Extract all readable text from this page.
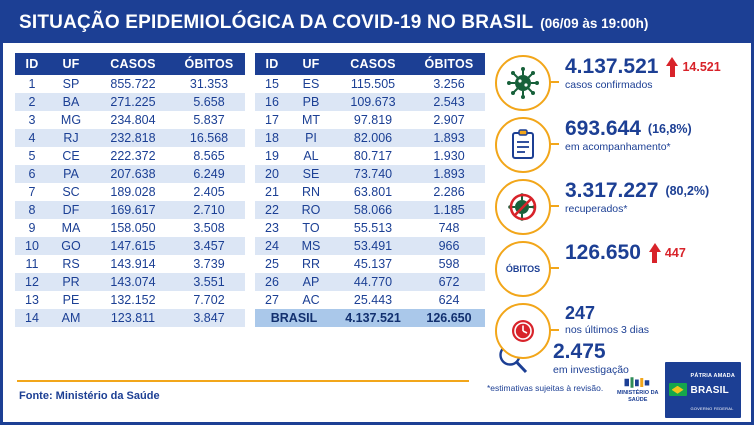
SITUAÇÃO EPIDEMIOLÓGICA DA COVID-19 NO BRASIL (06/09 às 19:00h)
ID	UF	CASOS	ÓBITOS
1	SP	855.722	31.353
2	BA	271.225	5.658
3	MG	234.804	5.837
4	RJ	232.818	16.568
5	CE	222.372	8.565
6	PA	207.638	6.249
7	SC	189.028	2.405
8	DF	169.617	2.710
9	MA	158.050	3.508
10	GO	147.615	3.457
11	RS	143.914	3.739
12	PR	143.074	3.551
13	PE	132.152	7.702
14	AM	123.811	3.847
ID	UF	CASOS	ÓBITOS
15	ES	115.505	3.256
16	PB	109.673	2.543
17	MT	97.819	2.907
18	PI	82.006	1.893
19	AL	80.717	1.930
20	SE	73.740	1.893
21	RN	63.801	2.286
22	RO	58.066	1.185
23	TO	55.513	748
24	MS	53.491	966
25	RR	45.137	598
26	AP	44.770	672
27	AC	25.443	624
BRASIL		4.137.521	126.650
4.137.521 14.521
casos confirmados
693.644 (16,8%)
em acompanhamento*
3.317.227 (80,2%)
recuperados*
ÓBITOS
126.650 447
247
nos últimos 3 dias
2.475
em investigação
Fonte: Ministério da Saúde
*estimativas sujeitas à revisão.
MINISTÉRIO DA
SAÚDE
PÁTRIA AMADA
BRASIL
GOVERNO FEDERAL
